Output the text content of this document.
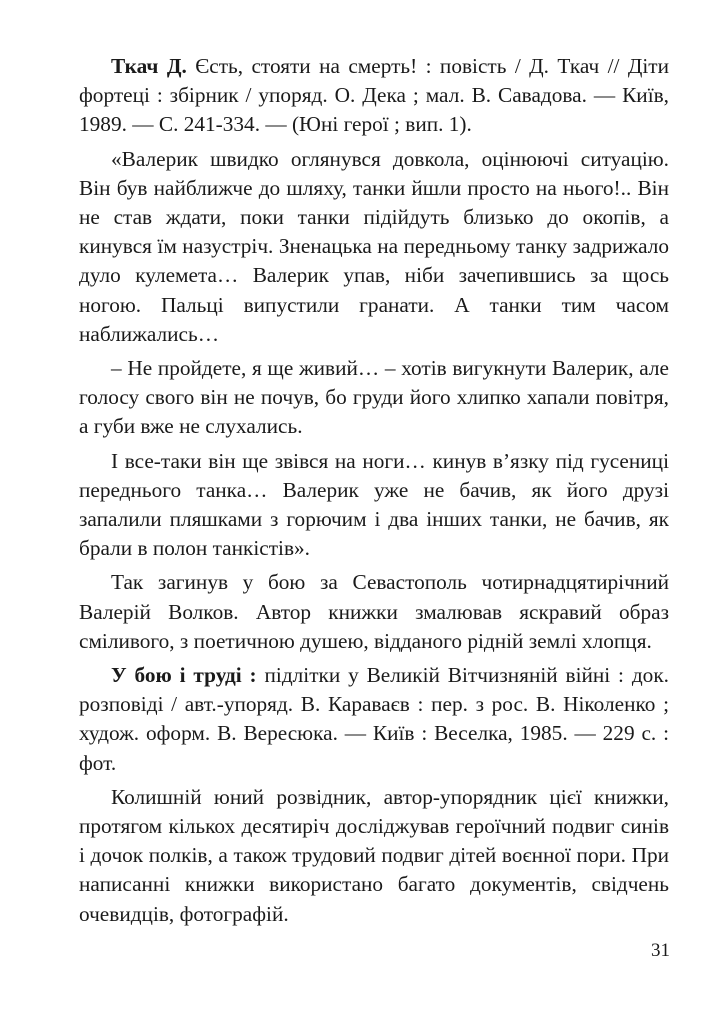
Ткач Д. Єсть, стояти на смерть! : повість / Д. Ткач // Діти фортеці : збірник / упоряд. О. Дека ; мал. В. Савадова. — Київ, 1989. — С. 241-334. — (Юні герої ; вип. 1).

«Валерик швидко оглянувся довкола, оцінюючі ситуацію. Він був найближче до шляху, танки йшли просто на нього!.. Він не став ждати, поки танки підійдуть близько до окопів, а кинувся їм назустріч. Зненацька на передньому танку задрижало дуло кулемета… Валерик упав, ніби зачепившись за щось ногою. Пальці випустили гранати. А танки тим часом наближались…

– Не пройдете, я ще живий… – хотів вигукнути Валерик, але голосу свого він не почув, бо груди його хлипко хапали повітря, а губи вже не слухались.

І все-таки він ще звівся на ноги… кинув в’язку під гусениці переднього танка… Валерик уже не бачив, як його друзі запалили пляшками з горючим і два інших танки, не бачив, як брали в полон танкістів».

Так загинув у бою за Севастополь чотирнадцятирічний Валерій Волков. Автор книжки змалював яскравий образ сміливого, з поетичною душею, відданого рідній землі хлопця.

У бою і труді : підлітки у Великій Вітчизняній війні : док. розповіді / авт.-упоряд. В. Караваєв : пер. з рос. В. Ніколенко ; худож. оформ. В. Вересюка. — Київ : Веселка, 1985. — 229 с. : фот.

Колишній юний розвідник, автор-упорядник цієї книжки, протягом кількох десятиріч досліджував героїчний подвиг синів і дочок полків, а також трудовий подвиг дітей воєнної пори. При написанні книжки використано багато документів, свідчень очевидців, фотографій.

31
